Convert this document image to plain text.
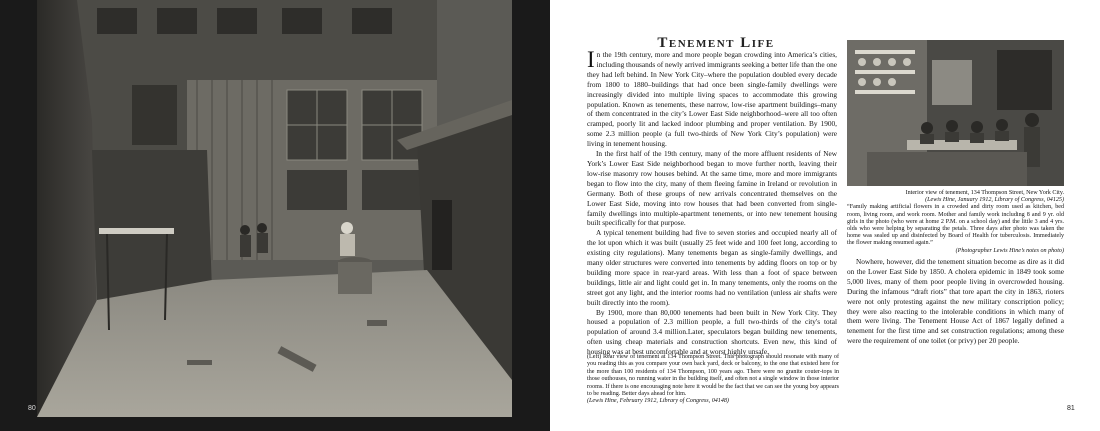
80
Tenement Life

In the 19th century, more and more people began crowding into America’s cities, including thousands of newly arrived immigrants seeking a better life than the one they had left behind. In New York City–where the population doubled every decade from 1800 to 1880–buildings that had once been single-family dwellings were increasingly divided into multiple living spaces to accommodate this growing population. Known as tenements, these narrow, low-rise apartment buildings–many of them concentrated in the city’s Lower East Side neighborhood–were all too often cramped, poorly lit and lacked indoor plumbing and proper ventilation. By 1900, some 2.3 million people (a full two-thirds of New York City’s population) were living in tenement housing.

In the first half of the 19th century, many of the more affluent residents of New York’s Lower East Side neighborhood began to move further north, leaving their low-rise masonry row houses behind. At the same time, more and more immigrants began to flow into the city, many of them fleeing famine in Ireland or revolution in Germany. Both of these groups of new arrivals concentrated themselves on the Lower East Side, moving into row houses that had been converted from single-family dwellings into multiple-apartment tenements, or into new tenement housing built specifically for that purpose.

A typical tenement building had five to seven stories and occupied nearly all of the lot upon which it was built (usually 25 feet wide and 100 feet long, according to existing city regulations). Many tenements began as single-family dwellings, and many older structures were converted into tenements by adding floors on top or by building more space in rear-yard areas. With less than a foot of space between buildings, little air and light could get in. In many tenements, only the rooms on the street got any light, and the interior rooms had no ventilation (unless air shafts were built directly into the room).

By 1900, more than 80,000 tenements had been built in New York City. They housed a population of 2.3 million people, a full two-thirds of the city's total population of around 3.4 million.Later, speculators began building new tenements, often using cheap materials and construction shortcuts. Even new, this kind of housing was at best uncomfortable and at worst highly unsafe.

(Left) Rear view of tenement at 134 Thompson Street. This photograph should resonate with many of you reading this as you compare your own back yard, deck or balcony, to the one that existed here for the more than 100 residents of 134 Thompson, 100 years ago. There were no granite couter-tops in those outhouses, no running water in the building itself, and often not a single window in those interior rooms. If there is one encouraging note here it would be the fact that we can see the young boy appears to be reading. Better days ahead for him.

(Lewis Hine, February 1912, Library of Congress, 04148)

Interior view of tenement, 134 Thompson Street, New York City.

(Lewis Hine, January 1912, Library of Congress, 04125)

“Family making artificial flowers in a crowded and dirty room used as kitchen, bed room, living room, and work room. Mother and family work including 8 and 9 yr. old girls in the photo (who were at home 2 P.M. on a school day) and the little 3 and 4 yrs. olds who were helping by separating the petals. Three days after photo was taken the home was sealed up and disinfected by Board of Health for tuberculosis. Immediately the flower making resumed again.”

(Photographer Lewis Hine’s notes on photo)

Nowhere, however, did the tenement situation become as dire as it did on the Lower East Side by 1850. A cholera epidemic in 1849 took some 5,000 lives, many of them poor people living in overcrowded housing. During the infamous “draft riots” that tore apart the city in 1863, rioters were not only protesting against the new military conscription policy; they were also reacting to the intolerable conditions in which many of them were living. The Tenement House Act of 1867 legally defined a tenement for the first time and set construction regulations; among these were the requirement of one toilet (or privy) per 20 people.

81
